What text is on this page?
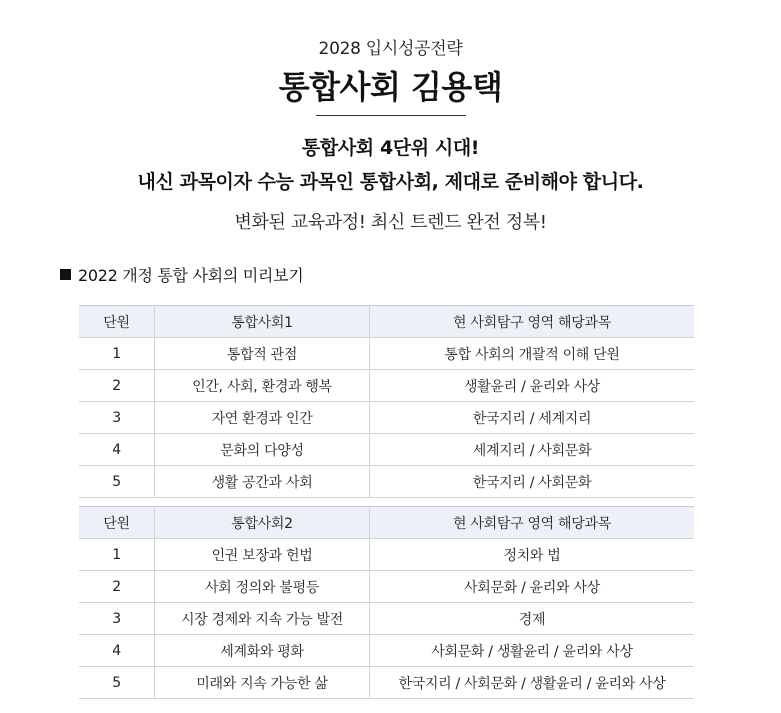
2028 입시성공전략
통합사회 김용택
통합사회 4단위 시대!
내신 과목이자 수능 과목인 통합사회, 제대로 준비해야 합니다.
변화된 교육과정! 최신 트렌드 완전 정복!
2022 개정 통합 사회의 미리보기
단원	통합사회1	현 사회탐구 영역 해당과목
1	통합적 관점	통합 사회의 개괄적 이해 단원
2	인간, 사회, 환경과 행복	생활윤리 / 윤리와 사상
3	자연 환경과 인간	한국지리 / 세계지리
4	문화의 다양성	세계지리 / 사회문화
5	생활 공간과 사회	한국지리 / 사회문화
단원	통합사회2	현 사회탐구 영역 해당과목
1	인권 보장과 헌법	정치와 법
2	사회 정의와 불평등	사회문화 / 윤리와 사상
3	시장 경제와 지속 가능 발전	경제
4	세계화와 평화	사회문화 / 생활윤리 / 윤리와 사상
5	미래와 지속 가능한 삶	한국지리 / 사회문화 / 생활윤리 / 윤리와 사상
